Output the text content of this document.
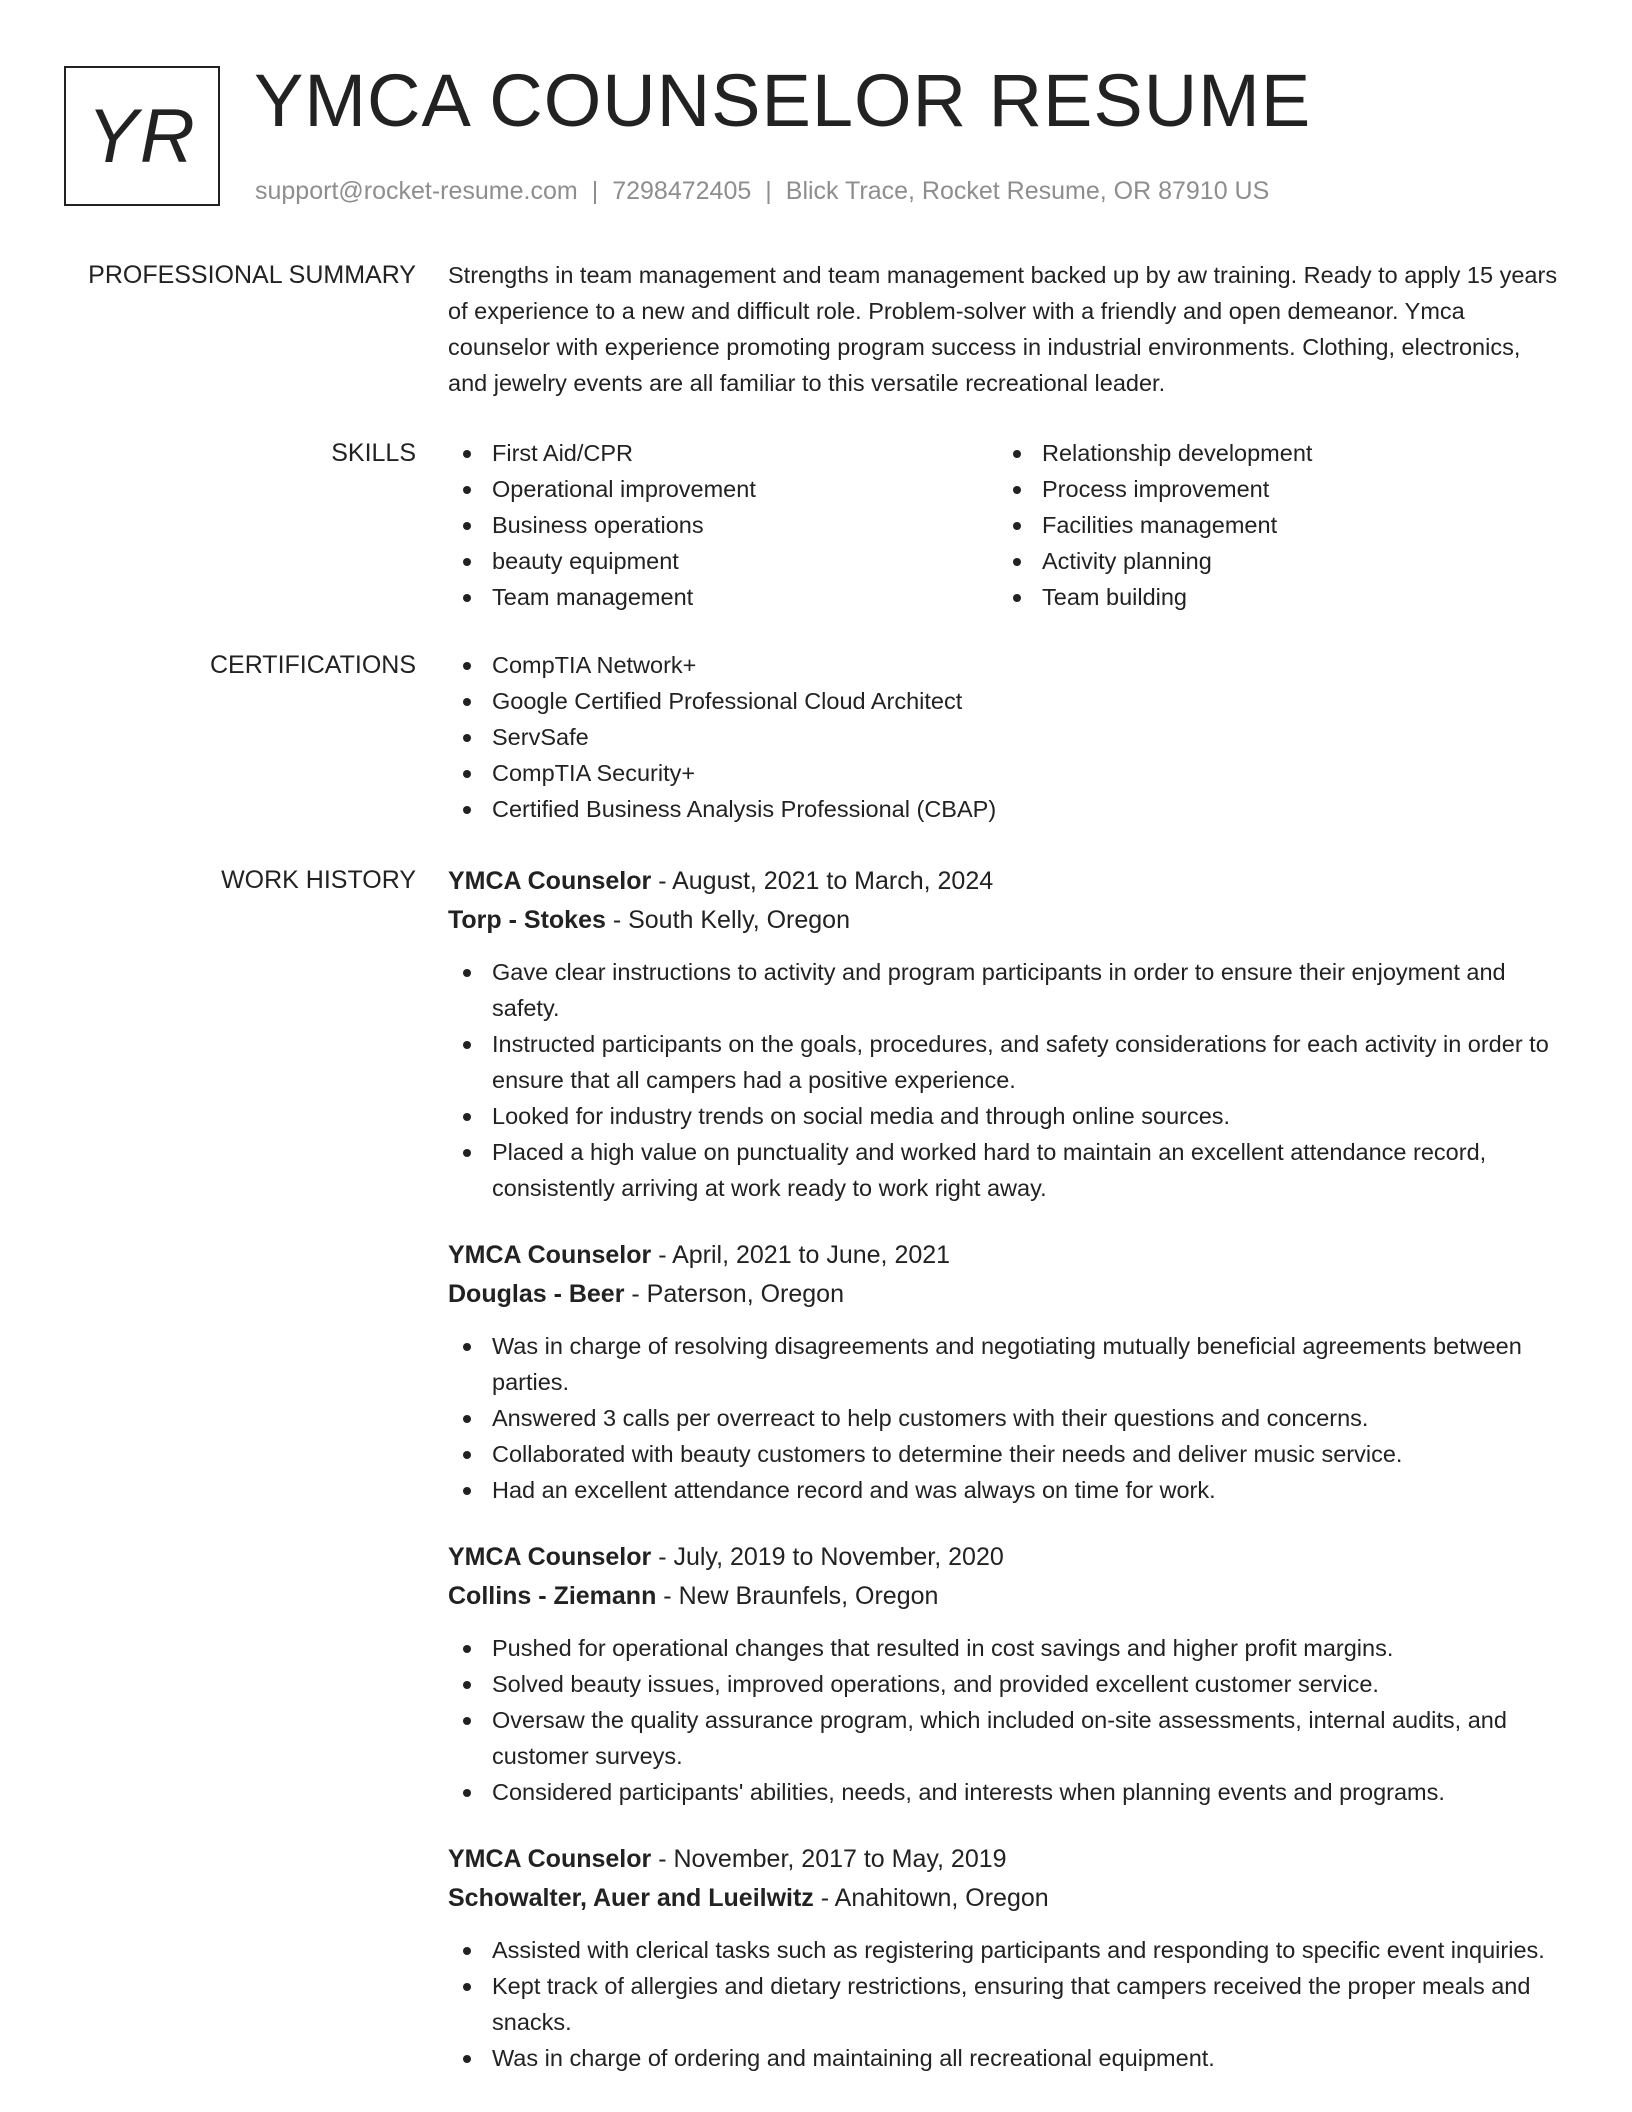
YR YMCA COUNSELOR RESUME
support@rocket-resume.com | 7298472405 | Blick Trace, Rocket Resume, OR 87910 US
PROFESSIONAL SUMMARY Strengths in team management and team management backed up by aw training. Ready to apply 15 years of experience to a new and difficult role. Problem-solver with a friendly and open demeanor. Ymca counselor with experience promoting program success in industrial environments. Clothing, electronics, and jewelry events are all familiar to this versatile recreational leader.

SKILLS	First Aid/CPR
Operational improvement
Business operations
beauty equipment
Team management
Relationship development
Process improvement
Facilities management
Activity planning
Team building
CERTIFICATIONS	CompTIA Network+
Google Certified Professional Cloud Architect
ServSafe
CompTIA Security+
Certified Business Analysis Professional (CBAP)
WORK HISTORY YMCA Counselor - August, 2021 to March, 2024
Torp - Stokes - South Kelly, Oregon
Gave clear instructions to activity and program participants in order to ensure their enjoyment and safety.
Instructed participants on the goals, procedures, and safety considerations for each activity in order to ensure that all campers had a positive experience.
Looked for industry trends on social media and through online sources.
Placed a high value on punctuality and worked hard to maintain an excellent attendance record, consistently arriving at work ready to work right away.
YMCA Counselor - April, 2021 to June, 2021
Douglas - Beer - Paterson, Oregon
Was in charge of resolving disagreements and negotiating mutually beneficial agreements between parties.
Answered 3 calls per overreact to help customers with their questions and concerns.
Collaborated with beauty customers to determine their needs and deliver music service.
Had an excellent attendance record and was always on time for work.
YMCA Counselor - July, 2019 to November, 2020
Collins - Ziemann - New Braunfels, Oregon
Pushed for operational changes that resulted in cost savings and higher profit margins.
Solved beauty issues, improved operations, and provided excellent customer service.
Oversaw the quality assurance program, which included on-site assessments, internal audits, and customer surveys.
Considered participants' abilities, needs, and interests when planning events and programs.
YMCA Counselor - November, 2017 to May, 2019
Schowalter, Auer and Lueilwitz - Anahitown, Oregon
Assisted with clerical tasks such as registering participants and responding to specific event inquiries.
Kept track of allergies and dietary restrictions, ensuring that campers received the proper meals and snacks.
Was in charge of ordering and maintaining all recreational equipment.
